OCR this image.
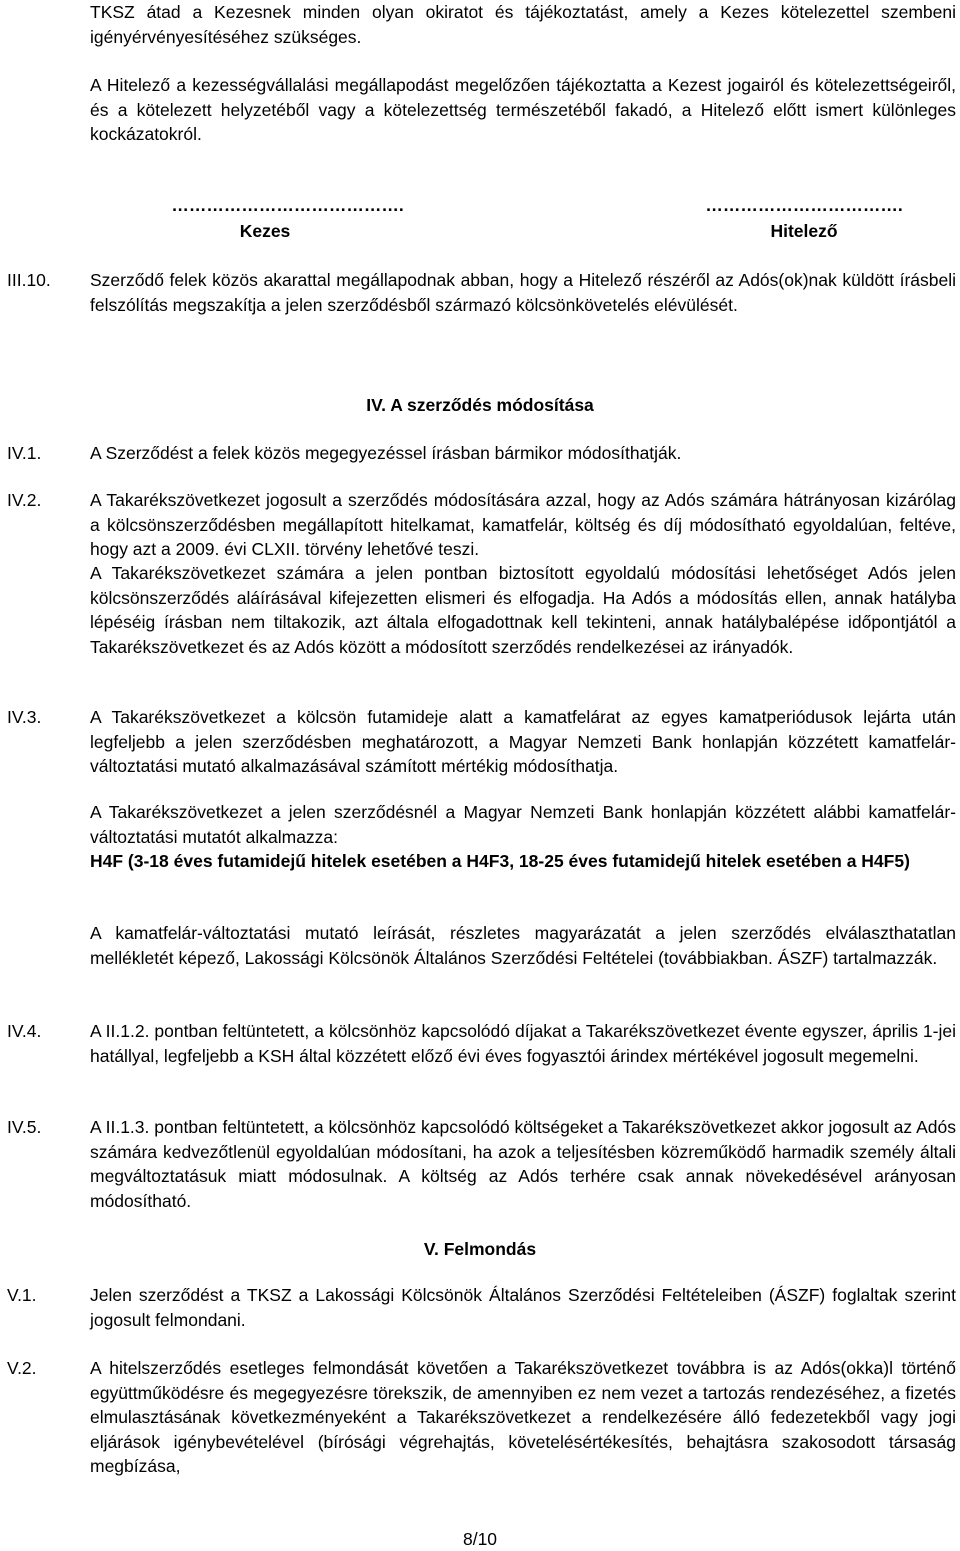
TKSZ átad a Kezesnek minden olyan okiratot és tájékoztatást, amely a Kezes kötelezettel szembeni igényérvényesítéséhez szükséges.

A Hitelező a kezességvállalási megállapodást megelőzően tájékoztatta a Kezest jogairól és kötelezettségeiről, és a kötelezett helyzetéből vagy a kötelezettség természetéből fakadó, a Hitelező előtt ismert különleges kockázatokról.

………………………………….

Kezes

…………………………….

Hitelező

III.10. Szerződő felek közös akarattal megállapodnak abban, hogy a Hitelező részéről az Adós(ok)nak küldött írásbeli felszólítás megszakítja a jelen szerződésből származó kölcsönkövetelés elévülését.

IV. A szerződés módosítása

IV.1.	A Szerződést a felek közös megegyezéssel írásban bármikor módosíthatják.

IV.2.	A Takarékszövetkezet jogosult a szerződés módosítására azzal, hogy az Adós számára hátrányosan kizárólag a kölcsönszerződésben megállapított hitelkamat, kamatfelár, költség és díj módosítható egyoldalúan, feltéve, hogy azt a 2009. évi CLXII. törvény lehetővé teszi.

A Takarékszövetkezet számára a jelen pontban biztosított egyoldalú módosítási lehetőséget Adós jelen kölcsönszerződés aláírásával kifejezetten elismeri és elfogadja. Ha Adós a módosítás ellen, annak hatályba lépéséig írásban nem tiltakozik, azt általa elfogadottnak kell tekinteni, annak hatálybalépése időpontjától a Takarékszövetkezet és az Adós között a módosított szerződés rendelkezései az irányadók.

IV.3.	A Takarékszövetkezet a kölcsön futamideje alatt a kamatfelárat az egyes kamatperiódusok lejárta után legfeljebb a jelen szerződésben meghatározott, a Magyar Nemzeti Bank honlapján közzétett kamatfelár-változtatási mutató alkalmazásával számított mértékig módosíthatja.

A Takarékszövetkezet a jelen szerződésnél a Magyar Nemzeti Bank honlapján közzétett alábbi kamatfelár-változtatási mutatót alkalmazza:

H4F (3-18 éves futamidejű hitelek esetében a H4F3, 18-25 éves futamidejű hitelek esetében a H4F5)

A kamatfelár-változtatási mutató leírását, részletes magyarázatát a jelen szerződés elválaszthatatlan mellékletét képező, Lakossági Kölcsönök Általános Szerződési Feltételei (továbbiakban. ÁSZF) tartalmazzák.

IV.4.	A II.1.2. pontban feltüntetett, a kölcsönhöz kapcsolódó díjakat a Takarékszövetkezet évente egyszer, április 1-jei hatállyal, legfeljebb a KSH által közzétett előző évi éves fogyasztói árindex mértékével jogosult megemelni.

IV.5.	A II.1.3. pontban feltüntetett, a kölcsönhöz kapcsolódó költségeket a Takarékszövetkezet akkor jogosult az Adós számára kedvezőtlenül egyoldalúan módosítani, ha azok a teljesítésben közreműködő harmadik személy általi megváltoztatásuk miatt módosulnak. A költség az Adós terhére csak annak növekedésével arányosan módosítható.

V. Felmondás

V.1.	Jelen szerződést a TKSZ a Lakossági Kölcsönök Általános Szerződési Feltételeiben (ÁSZF) foglaltak szerint jogosult felmondani.

V.2.	A hitelszerződés esetleges felmondását követően a Takarékszövetkezet továbbra is az Adós(okka)l történő együttműködésre és megegyezésre törekszik, de amennyiben ez nem vezet a tartozás rendezéséhez, a fizetés elmulasztásának következményeként a Takarékszövetkezet a rendelkezésére álló fedezetekből vagy jogi eljárások igénybevételével (bírósági végrehajtás, követelésértékesítés, behajtásra szakosodott társaság megbízása,

8/10
